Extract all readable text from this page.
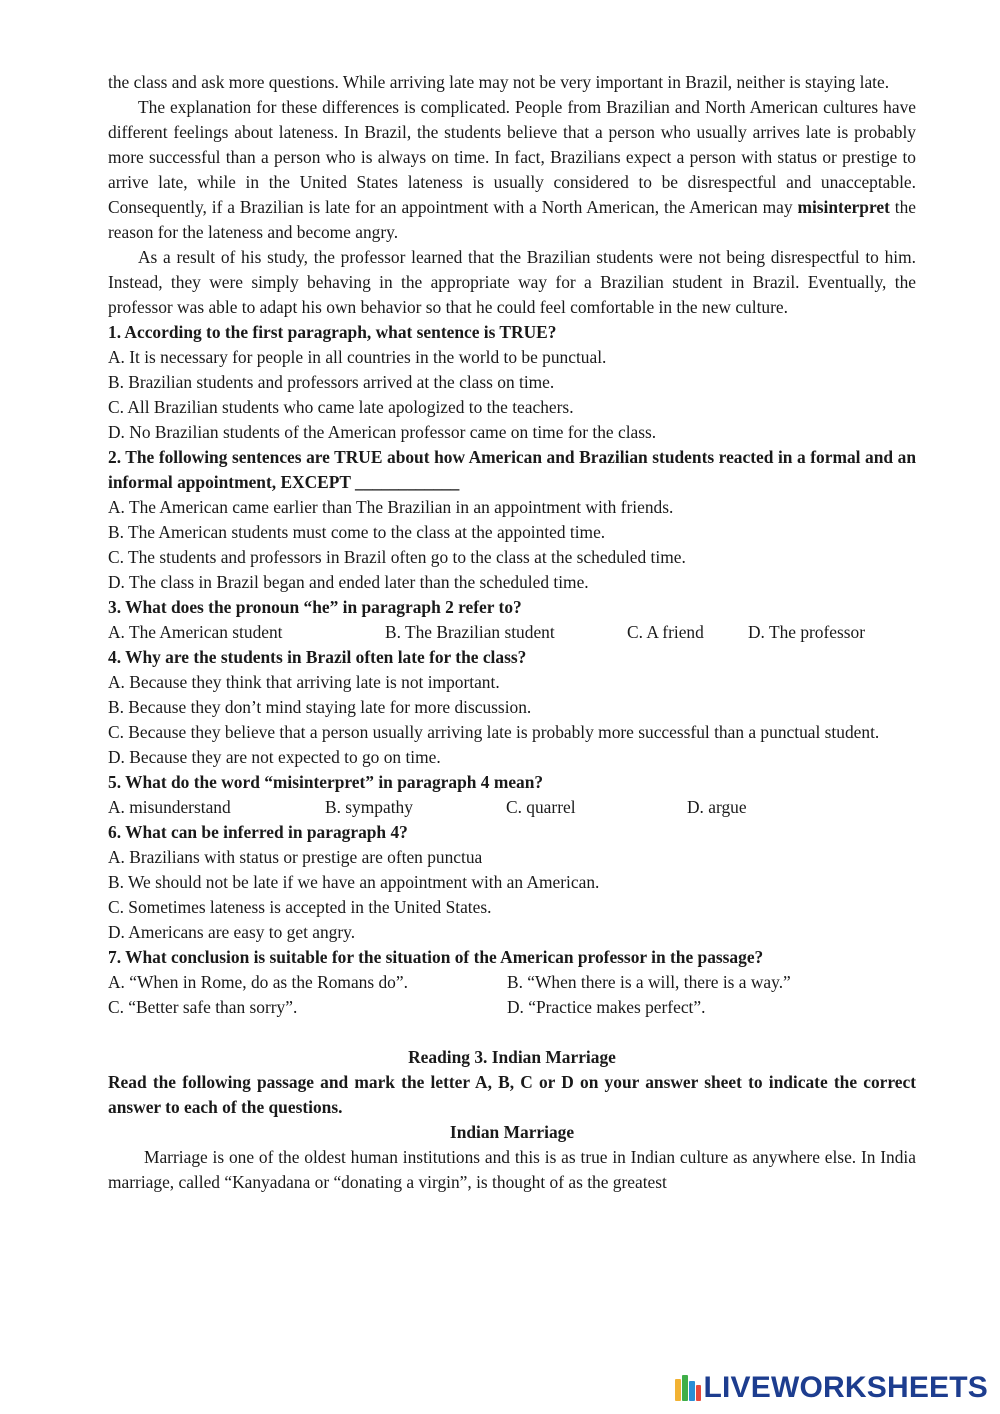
the class and ask more questions. While arriving late may not be very important in Brazil, neither is staying late.

The explanation for these differences is complicated. People from Brazilian and North American cultures have different feelings about lateness. In Brazil, the students believe that a person who usually arrives late is probably more successful than a person who is always on time. In fact, Brazilians expect a person with status or prestige to arrive late, while in the United States lateness is usually considered to be disrespectful and unacceptable. Consequently, if a Brazilian is late for an appointment with a North American, the American may misinterpret the reason for the lateness and become angry.

As a result of his study, the professor learned that the Brazilian students were not being disrespectful to him. Instead, they were simply behaving in the appropriate way for a Brazilian student in Brazil. Eventually, the professor was able to adapt his own behavior so that he could feel comfortable in the new culture.

1. According to the first paragraph, what sentence is TRUE?

A. It is necessary for people in all countries in the world to be punctual.

B. Brazilian students and professors arrived at the class on time.

C. All Brazilian students who came late apologized to the teachers.

D. No Brazilian students of the American professor came on time for the class.

2. The following sentences are TRUE about how American and Brazilian students reacted in a formal and an informal appointment, EXCEPT ____________

A. The American came earlier than The Brazilian in an appointment with friends.

B. The American students must come to the class at the appointed time.

C. The students and professors in Brazil often go to the class at the scheduled time.

D. The class in Brazil began and ended later than the scheduled time.

3. What does the pronoun “he” in paragraph 2 refer to?

A. The American student	B. The Brazilian student	C. A friend	D. The professor

4. Why are the students in Brazil often late for the class?

A. Because they think that arriving late is not important.

B. Because they don’t mind staying late for more discussion.

C. Because they believe that a person usually arriving late is probably more successful than a punctual student.

D. Because they are not expected to go on time.

5. What do the word “misinterpret” in paragraph 4 mean?

A. misunderstand	B. sympathy	C. quarrel	D. argue

6. What can be inferred in paragraph 4?

A. Brazilians with status or prestige are often punctua

B. We should not be late if we have an appointment with an American.

C. Sometimes lateness is accepted in the United States.

D. Americans are easy to get angry.

7. What conclusion is suitable for the situation of the American professor in the passage?

A. “When in Rome, do as the Romans do”.	B. “When there is a will, there is a way.”
C. “Better safe than sorry”.	D. “Practice makes perfect”.

Reading 3. Indian Marriage

Read the following passage and mark the letter A, B, C or D on your answer sheet to indicate the correct answer to each of the questions.

Indian Marriage

Marriage is one of the oldest human institutions and this is as true in Indian culture as anywhere else. In India marriage, called “Kanyadana or “donating a virgin”, is thought of as the greatest

LIVEWORKSHEETS
